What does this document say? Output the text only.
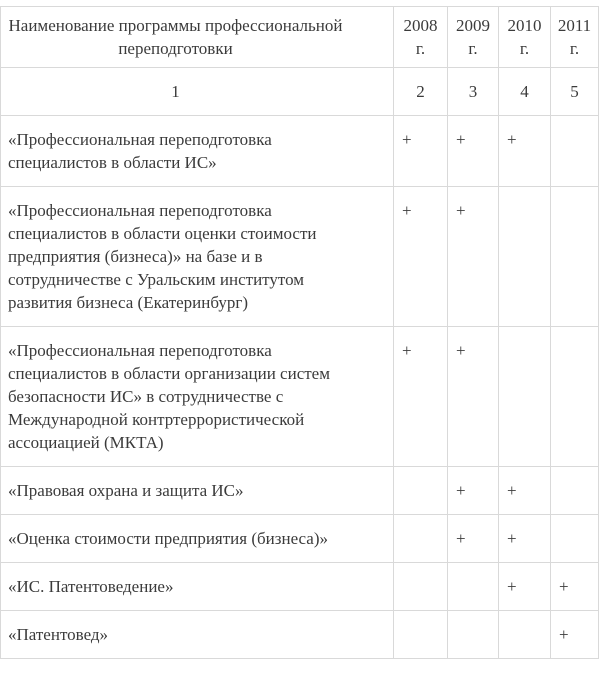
Наименование программы профессиональной переподготовки	2008 г.	2009 г.	2010 г.	2011 г.
1	2	3	4	5
«Профессиональная переподготовка специалистов в области ИС»	+	+	+	
«Профессиональная переподготовка специалистов в области оценки стоимости предприятия (бизнеса)» на базе и в сотрудничестве с Уральским институтом развития бизнеса (Екатеринбург)	+	+		
«Профессиональная переподготовка специалистов в области организации систем безопасности ИС» в сотрудничестве с Международной контртеррористической ассоциацией (МКТА)	+	+		
«Правовая охрана и защита ИС»		+	+	
«Оценка стоимости предприятия (бизнеса)»		+	+	
«ИС. Патентоведение»			+	+
«Патентовед»				+
